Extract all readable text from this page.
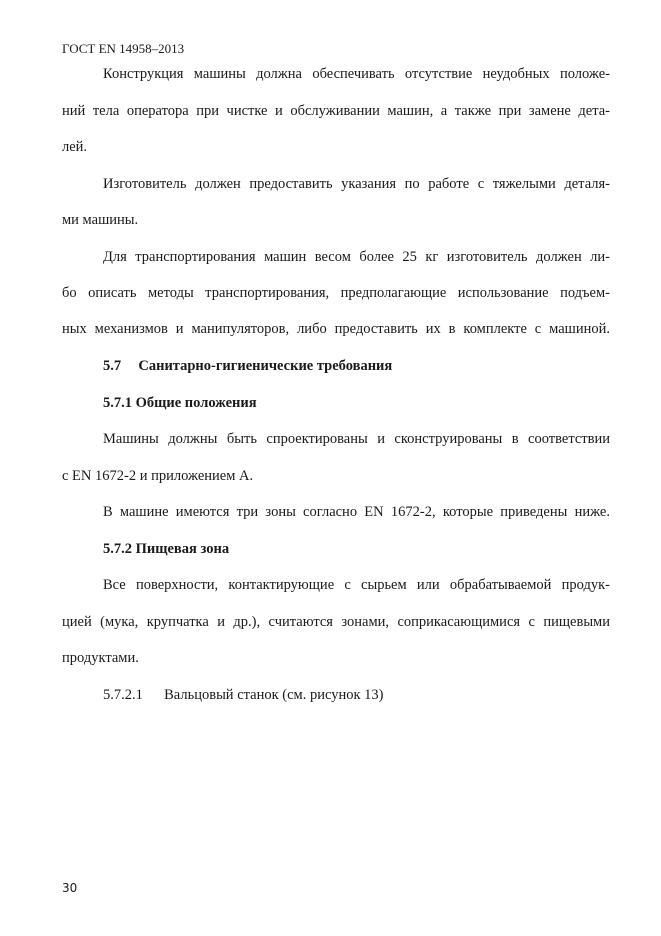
ГОСТ EN 14958–2013
Конструкция машины должна обеспечивать отсутствие неудобных положе-
ний тела оператора при чистке и обслуживании машин, а также при замене дета-
лей.
Изготовитель должен предоставить указания по работе с тяжелыми деталя-
ми машины.
Для транспортирования машин весом более 25 кг изготовитель должен ли-
бо описать методы транспортирования, предполагающие использование подъем-
ных механизмов и манипуляторов, либо предоставить их в комплекте с машиной.
5.7 Санитарно-гигиенические требования
5.7.1 Общие положения
Машины должны быть спроектированы и сконструированы в соответствии
с EN 1672-2 и приложением А.
В машине имеются три зоны согласно EN 1672-2, которые приведены ниже.
5.7.2 Пищевая зона
Все поверхности, контактирующие с сырьем или обрабатываемой продук-
цией (мука, крупчатка и др.), считаются зонами, соприкасающимися с пищевыми
продуктами.
5.7.2.1 Вальцовый станок (см. рисунок 13)
30
